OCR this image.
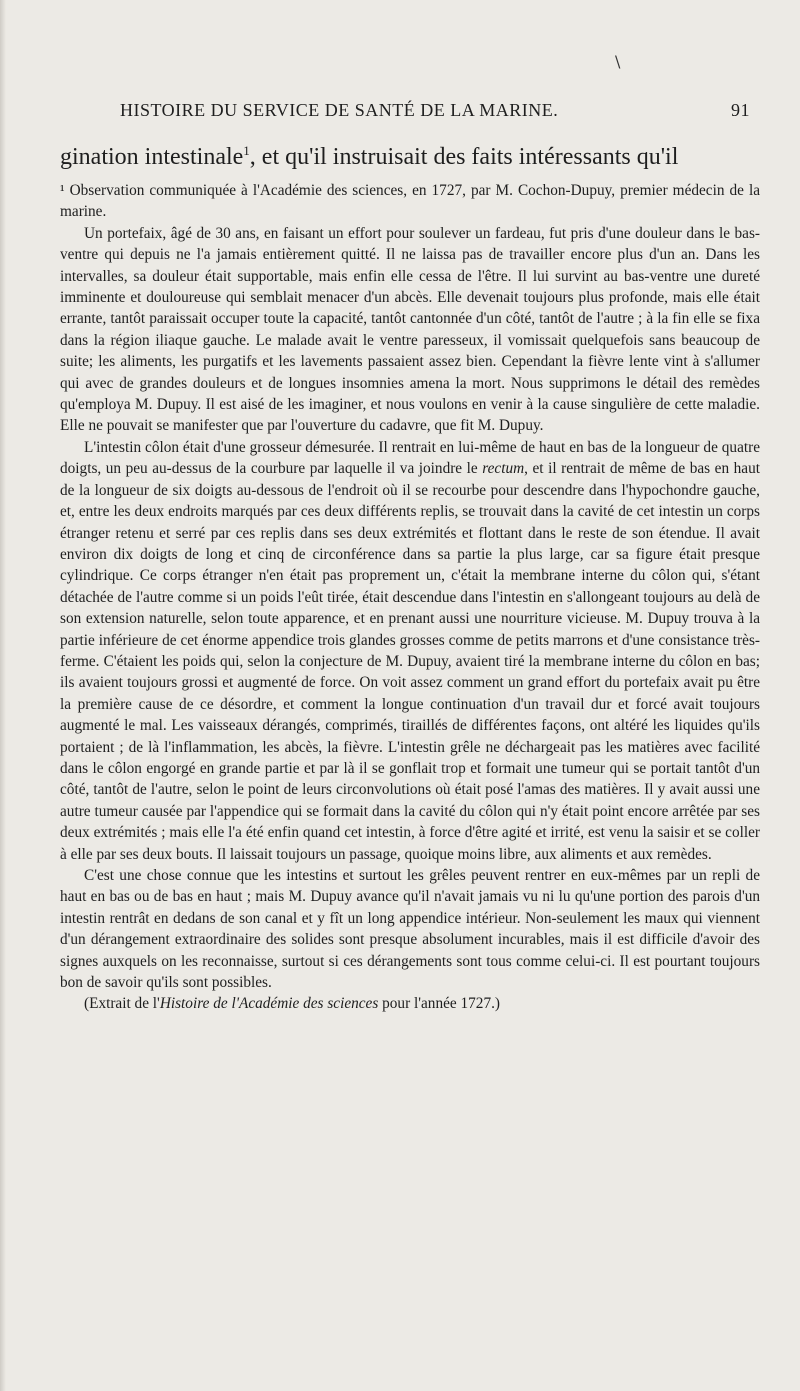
\
HISTOIRE DU SERVICE DE SANTÉ DE LA MARINE.	91
gination intestinale$^1$, et qu'il instruisait des faits intéressants qu'il

¹ Observation communiquée à l'Académie des sciences, en 1727, par M. Cochon-Dupuy, premier médecin de la marine.

Un portefaix, âgé de 30 ans, en faisant un effort pour soulever un fardeau, fut pris d'une douleur dans le bas-ventre qui depuis ne l'a jamais entièrement quitté. Il ne laissa pas de travailler encore plus d'un an. Dans les intervalles, sa douleur était supportable, mais enfin elle cessa de l'être. Il lui survint au bas-ventre une dureté imminente et douloureuse qui semblait menacer d'un abcès. Elle devenait toujours plus profonde, mais elle était errante, tantôt paraissait occuper toute la capacité, tantôt cantonnée d'un côté, tantôt de l'autre ; à la fin elle se fixa dans la région iliaque gauche. Le malade avait le ventre paresseux, il vomissait quelquefois sans beaucoup de suite; les aliments, les purgatifs et les lavements passaient assez bien. Cependant la fièvre lente vint à s'allumer qui avec de grandes douleurs et de longues insomnies amena la mort. Nous supprimons le détail des remèdes qu'employa M. Dupuy. Il est aisé de les imaginer, et nous voulons en venir à la cause singulière de cette maladie. Elle ne pouvait se manifester que par l'ouverture du cadavre, que fit M. Dupuy.

L'intestin côlon était d'une grosseur démesurée. Il rentrait en lui-même de haut en bas de la longueur de quatre doigts, un peu au-dessus de la courbure par laquelle il va joindre le rectum, et il rentrait de même de bas en haut de la longueur de six doigts au-dessous de l'endroit où il se recourbe pour descendre dans l'hypochondre gauche, et, entre les deux endroits marqués par ces deux différents replis, se trouvait dans la cavité de cet intestin un corps étranger retenu et serré par ces replis dans ses deux extrémités et flottant dans le reste de son étendue. Il avait environ dix doigts de long et cinq de circonférence dans sa partie la plus large, car sa figure était presque cylindrique. Ce corps étranger n'en était pas proprement un, c'était la membrane interne du côlon qui, s'étant détachée de l'autre comme si un poids l'eût tirée, était descendue dans l'intestin en s'allongeant toujours au delà de son extension naturelle, selon toute apparence, et en prenant aussi une nourriture vicieuse. M. Dupuy trouva à la partie inférieure de cet énorme appendice trois glandes grosses comme de petits marrons et d'une consistance très-ferme. C'étaient les poids qui, selon la conjecture de M. Dupuy, avaient tiré la membrane interne du côlon en bas; ils avaient toujours grossi et augmenté de force. On voit assez comment un grand effort du portefaix avait pu être la première cause de ce désordre, et comment la longue continuation d'un travail dur et forcé avait toujours augmenté le mal. Les vaisseaux dérangés, comprimés, tiraillés de différentes façons, ont altéré les liquides qu'ils portaient ; de là l'inflammation, les abcès, la fièvre. L'intestin grêle ne déchargeait pas les matières avec facilité dans le côlon engorgé en grande partie et par là il se gonflait trop et formait une tumeur qui se portait tantôt d'un côté, tantôt de l'autre, selon le point de leurs circonvolutions où était posé l'amas des matières. Il y avait aussi une autre tumeur causée par l'appendice qui se formait dans la cavité du côlon qui n'y était point encore arrêtée par ses deux extrémités ; mais elle l'a été enfin quand cet intestin, à force d'être agité et irrité, est venu la saisir et se coller à elle par ses deux bouts. Il laissait toujours un passage, quoique moins libre, aux aliments et aux remèdes.

C'est une chose connue que les intestins et surtout les grêles peuvent rentrer en eux-mêmes par un repli de haut en bas ou de bas en haut ; mais M. Dupuy avance qu'il n'avait jamais vu ni lu qu'une portion des parois d'un intestin rentrât en dedans de son canal et y fît un long appendice intérieur. Non-seulement les maux qui viennent d'un dérangement extraordinaire des solides sont presque absolument incurables, mais il est difficile d'avoir des signes auxquels on les reconnaisse, surtout si ces dérangements sont tous comme celui-ci. Il est pourtant toujours bon de savoir qu'ils sont possibles.

(Extrait de l'Histoire de l'Académie des sciences pour l'année 1727.)
